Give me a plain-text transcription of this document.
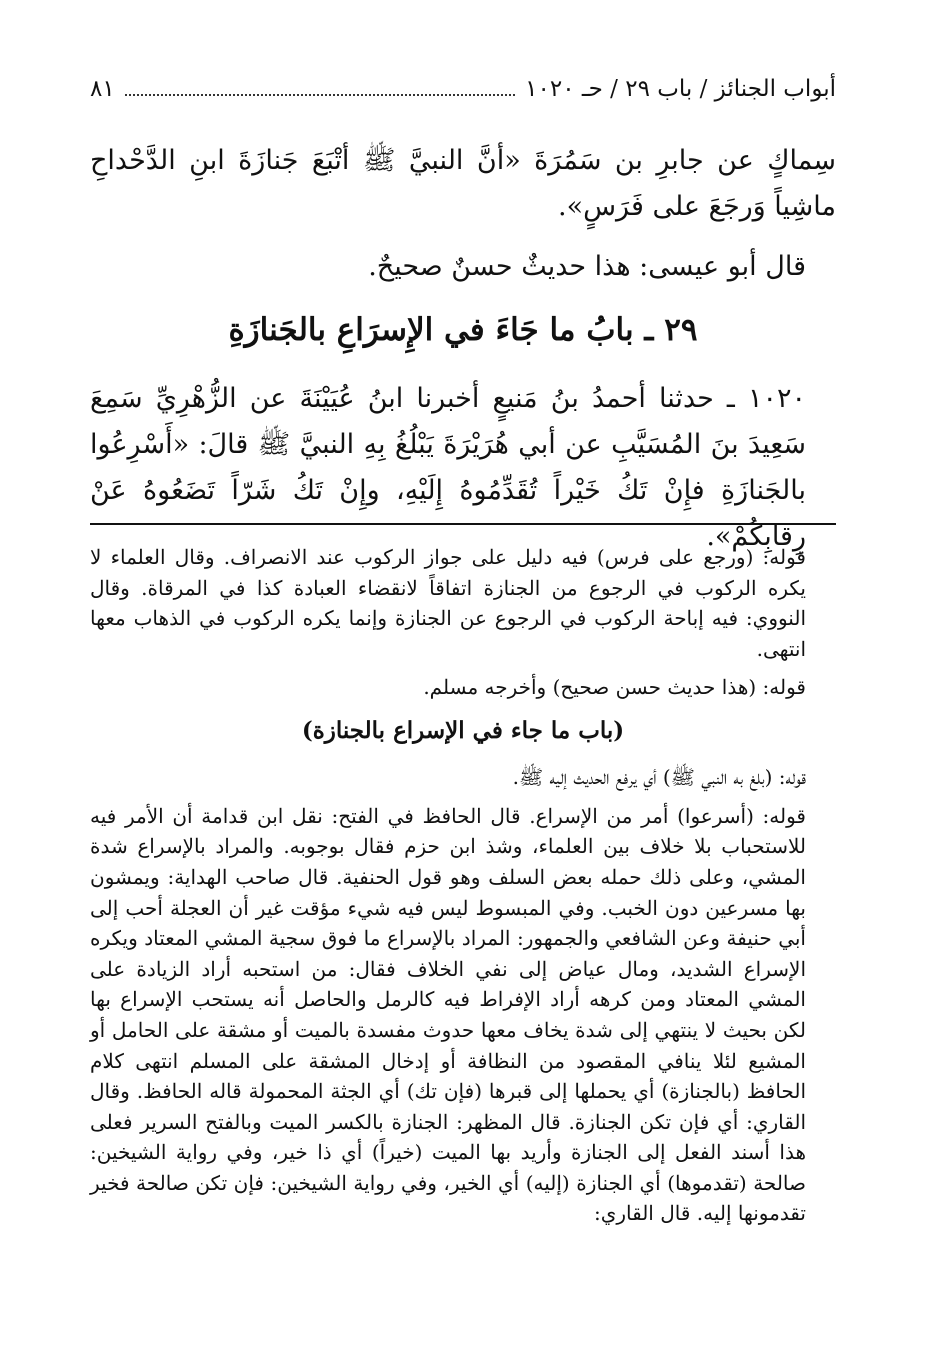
أبواب الجنائز / باب ٢٩ / حـ ١٠٢٠
٨١

سِماكٍ عن جابرِ بن سَمُرَةَ «أنَّ النبيَّ ﷺ أتْبَعَ جَنازَةَ ابنِ الدَّحْداحِ ماشِياً وَرجَعَ على فَرَسٍ».

قال أبو عيسى: هذا حديثٌ حسنٌ صحيحٌ.

٢٩ ـ بابُ ما جَاءَ في الإِسرَاعِ بالجَنازَةِ

١٠٢٠ ـ حدثنا أحمدُ بنُ مَنيعٍ أخبرنا ابنُ عُيَيْنَةَ عن الزُّهْرِيِّ سَمِعَ سَعِيدَ بنَ المُسَيَّبِ عن أبي هُرَيْرَةَ يَبْلُغُ بِهِ النبيَّ ﷺ قالَ: «أَسْرِعُوا بالجَنازَةِ فإِنْ تَكُ خَيْراً تُقَدِّمُوهُ إِلَيْهِ، وإِنْ تَكُ شَرّاً تَضَعُوهُ عَنْ رِقابِكُمْ».

قوله: (ورجع على فرس) فيه دليل على جواز الركوب عند الانصراف. وقال العلماء لا يكره الركوب في الرجوع من الجنازة اتفاقاً لانقضاء العبادة كذا في المرقاة. وقال النووي: فيه إباحة الركوب في الرجوع عن الجنازة وإنما يكره الركوب في الذهاب معها انتهى.

قوله: (هذا حديث حسن صحيح) وأخرجه مسلم.

(باب ما جاء في الإسراع بالجنازة)

قوله: (بلغ به النبي ﷺ) أي يرفع الحديث إليه ﷺ.

قوله: (أسرعوا) أمر من الإسراع. قال الحافظ في الفتح: نقل ابن قدامة أن الأمر فيه للاستحباب بلا خلاف بين العلماء، وشذ ابن حزم فقال بوجوبه. والمراد بالإسراع شدة المشي، وعلى ذلك حمله بعض السلف وهو قول الحنفية. قال صاحب الهداية: ويمشون بها مسرعين دون الخبب. وفي المبسوط ليس فيه شيء مؤقت غير أن العجلة أحب إلى أبي حنيفة وعن الشافعي والجمهور: المراد بالإسراع ما فوق سجية المشي المعتاد ويكره الإسراع الشديد، ومال عياض إلى نفي الخلاف فقال: من استحبه أراد الزيادة على المشي المعتاد ومن كرهه أراد الإفراط فيه كالرمل والحاصل أنه يستحب الإسراع بها لكن بحيث لا ينتهي إلى شدة يخاف معها حدوث مفسدة بالميت أو مشقة على الحامل أو المشيع لئلا ينافي المقصود من النظافة أو إدخال المشقة على المسلم انتهى كلام الحافظ (بالجنازة) أي يحملها إلى قبرها (فإن تك) أي الجثة المحمولة قاله الحافظ. وقال القاري: أي فإن تكن الجنازة. قال المظهر: الجنازة بالكسر الميت وبالفتح السرير فعلى هذا أسند الفعل إلى الجنازة وأريد بها الميت (خيراً) أي ذا خير، وفي رواية الشيخين: صالحة (تقدموها) أي الجنازة (إليه) أي الخير، وفي رواية الشيخين: فإن تكن صالحة فخير تقدمونها إليه. قال القاري:
